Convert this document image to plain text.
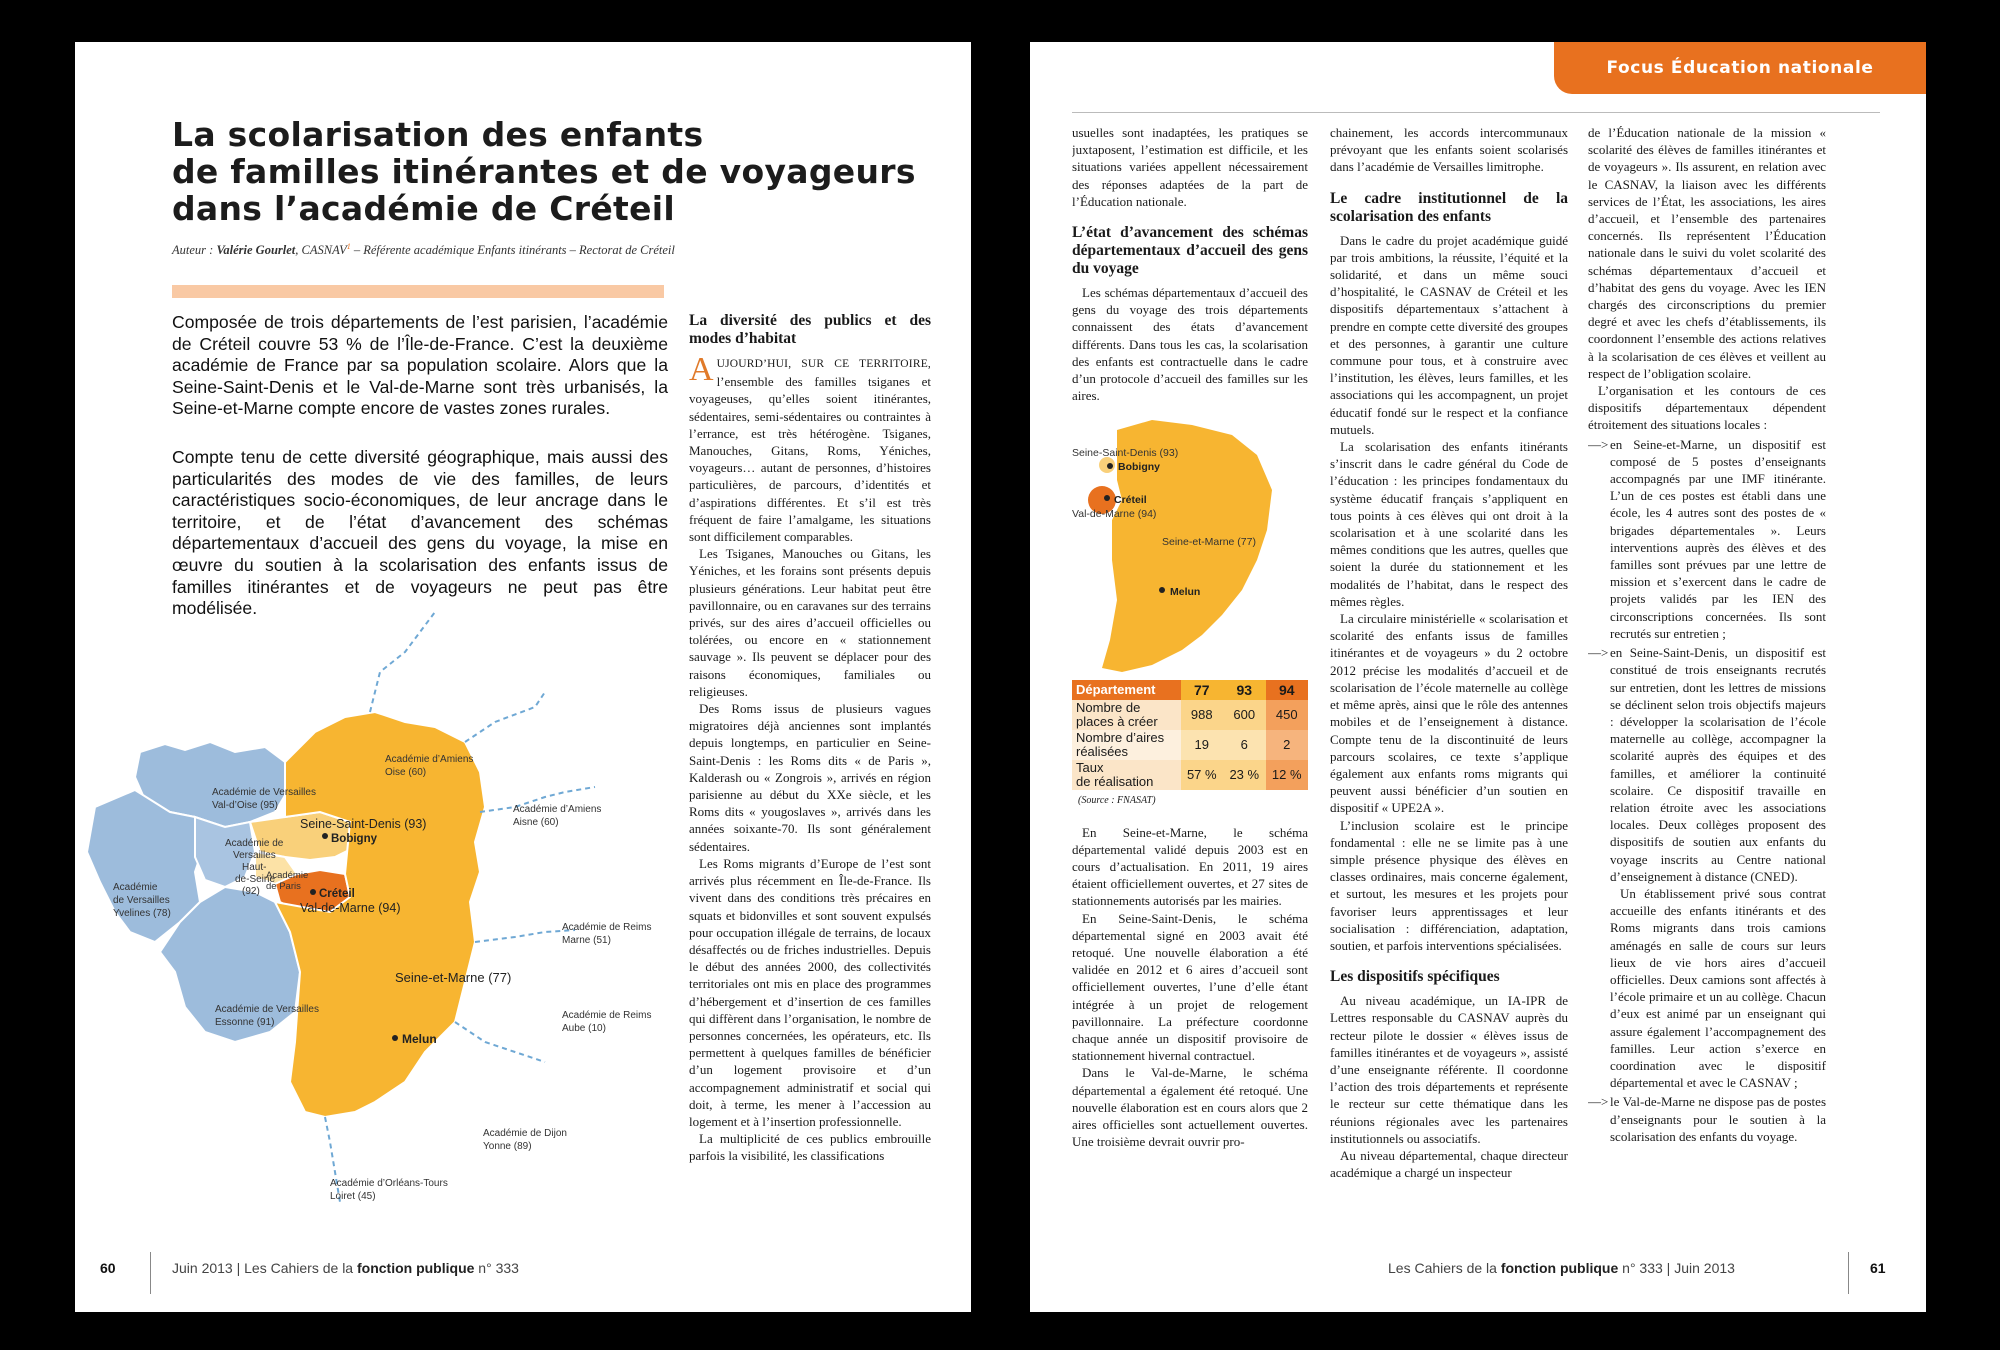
La scolarisation des enfants
de familles itinérantes et de voyageurs
dans l’académie de Créteil
Auteur : Valérie Gourlet, CASNAV$^1$ – Référente académique Enfants itinérants – Rectorat de Créteil

Composée de trois départements de l’est parisien, l’académie de Créteil couvre 53 % de l’Île-de-France. C’est la deuxième académie de France par sa population scolaire. Alors que la Seine-Saint-Denis et le Val-de-Marne sont très urbanisés, la Seine-et-Marne compte encore de vastes zones rurales.

Compte tenu de cette diversité géographique, mais aussi des particularités des modes de vie des familles, de leurs caractéristiques socio-économiques, de leur ancrage dans le territoire, et de l’état d’avancement des schémas départementaux d’accueil des gens du voyage, la mise en œuvre du soutien à la scolarisation des enfants issus de familles itinérantes et de voyageurs ne peut pas être modélisée.

Académie d’Amiens Oise (60)
Académie de Versailles Val-d’Oise (95)	Académie d’Amiens Aisne (60)
Académie de Versailles Haut-de-Seine (92)
Académie de Paris
Académie de Versailles Yvelines (78)
Académie de Reims Marne (51)
Académie de Versailles Essonne (91)
Académie de Reims Aube (10)
Académie de Dijon Yonne (89)
Académie d’Orléans-Tours Loiret (45)
Seine-Saint-Denis (93)
Bobigny
Créteil
Val-de-Marne (94)
Seine-et-Marne (77)
Melun
La diversité des publics et des modes d’habitat

AUJOURD’HUI, SUR CE TERRITOIRE, l’ensemble des familles tsiganes et voyageuses, qu’elles soient itinérantes, sédentaires, semi-sédentaires ou contraintes à l’errance, est très hétérogène. Tsiganes, Manouches, Gitans, Roms, Yéniches, voyageurs… autant de personnes, d’histoires particulières, de parcours, d’identités et d’aspirations différentes. Et s’il est très fréquent de faire l’amalgame, les situations sont difficilement comparables.

Les Tsiganes, Manouches ou Gitans, les Yéniches, et les forains sont présents depuis plusieurs générations. Leur habitat peut être pavillonnaire, ou en caravanes sur des terrains privés, sur des aires d’accueil officielles ou tolérées, ou encore en « stationnement sauvage ». Ils peuvent se déplacer pour des raisons économiques, familiales ou religieuses.

Des Roms issus de plusieurs vagues migratoires déjà anciennes sont implantés depuis longtemps, en particulier en Seine-Saint-Denis : les Roms dits « de Paris », Kalderash ou « Zongrois », arrivés en région parisienne au début du XXe siècle, et les Roms dits « yougoslaves », arrivés dans les années soixante-70. Ils sont généralement sédentaires.

Les Roms migrants d’Europe de l’est sont arrivés plus récemment en Île-de-France. Ils vivent dans des conditions très précaires en squats et bidonvilles et sont souvent expulsés pour occupation illégale de terrains, de locaux désaffectés ou de friches industrielles. Depuis le début des années 2000, des collectivités territoriales ont mis en place des programmes d’hébergement et d’insertion de ces familles qui diffèrent dans l’organisation, le nombre de personnes concernées, les opérateurs, etc. Ils permettent à quelques familles de bénéficier d’un logement provisoire et d’un accompagnement administratif et social qui doit, à terme, les mener à l’accession au logement et à l’insertion professionnelle.

La multiplicité de ces publics embrouille parfois la visibilité, les classifications

60	Juin 2013 | Les Cahiers de la fonction publique n° 333
Focus Éducation nationale

usuelles sont inadaptées, les pratiques se juxtaposent, l’estimation est difficile, et les situations variées appellent nécessairement des réponses adaptées de la part de l’Éducation nationale.

L’état d’avancement des schémas départementaux d’accueil des gens du voyage

Les schémas départementaux d’accueil des gens du voyage des trois départements connaissent des états d’avancement différents. Dans tous les cas, la scolarisation des enfants est contractuelle dans le cadre d’un protocole d’accueil des familles sur les aires.

Seine-Saint-Denis (93)
Bobigny
Créteil
Val-de-Marne (94)
Seine-et-Marne (77)
Melun
Département	77	93	94
Nombre de
places à créer	988	600	450
Nombre d’aires
réalisées	19	6	2
Taux
de réalisation	57 %	23 %	12 %
(Source : FNASAT)

En Seine-et-Marne, le schéma départemental validé depuis 2003 est en cours d’actualisation. En 2011, 19 aires étaient officiellement ouvertes, et 27 sites de stationnements autorisés par les mairies.

En Seine-Saint-Denis, le schéma départemental signé en 2003 avait été retoqué. Une nouvelle élaboration a été validée en 2012 et 6 aires d’accueil sont officiellement ouvertes, l’une d’elle étant intégrée à un projet de relogement pavillonnaire. La préfecture coordonne chaque année un dispositif provisoire de stationnement hivernal contractuel.

Dans le Val-de-Marne, le schéma départemental a également été retoqué. Une nouvelle élaboration est en cours alors que 2 aires officielles sont actuellement ouvertes. Une troisième devrait ouvrir pro-

chainement, les accords intercommunaux prévoyant que les enfants soient scolarisés dans l’académie de Versailles limitrophe.

Le cadre institutionnel de la scolarisation des enfants

Dans le cadre du projet académique guidé par trois ambitions, la réussite, l’équité et la solidarité, et dans un même souci d’hospitalité, le CASNAV de Créteil et les dispositifs départementaux s’attachent à prendre en compte cette diversité des groupes et des personnes, à garantir une culture commune pour tous, et à construire avec l’institution, les élèves, leurs familles, et les associations qui les accompagnent, un projet éducatif fondé sur le respect et la confiance mutuels.

La scolarisation des enfants itinérants s’inscrit dans le cadre général du Code de l’éducation : les principes fondamentaux du système éducatif français s’appliquent en tous points à ces élèves qui ont droit à la scolarisation et à une scolarité dans les mêmes conditions que les autres, quelles que soient la durée du stationnement et les modalités de l’habitat, dans le respect des mêmes règles.

La circulaire ministérielle « scolarisation et scolarité des enfants issus de familles itinérantes et de voyageurs » du 2 octobre 2012 précise les modalités d’accueil et de scolarisation de l’école maternelle au collège et même après, ainsi que le rôle des antennes mobiles et de l’enseignement à distance. Compte tenu de la discontinuité de leurs parcours scolaires, ce texte s’applique également aux enfants roms migrants qui peuvent aussi bénéficier d’un soutien en dispositif « UPE2A ».

L’inclusion scolaire est le principe fondamental : elle ne se limite pas à une simple présence physique des élèves en classes ordinaires, mais concerne également, et surtout, les mesures et les projets pour favoriser leurs apprentissages et leur socialisation : différenciation, adaptation, soutien, et parfois interventions spécialisées.

Les dispositifs spécifiques

Au niveau académique, un IA-IPR de Lettres responsable du CASNAV auprès du recteur pilote le dossier « élèves issus de familles itinérantes et de voyageurs », assisté d’une enseignante référente. Il coordonne l’action des trois départements et représente le recteur sur cette thématique dans les réunions régionales avec les partenaires institutionnels ou associatifs.

Au niveau départemental, chaque directeur académique a chargé un inspecteur

de l’Éducation nationale de la mission « scolarité des élèves de familles itinérantes et de voyageurs ». Ils assurent, en relation avec le CASNAV, la liaison avec les différents services de l’État, les associations, les aires d’accueil, et l’ensemble des partenaires concernés. Ils représentent l’Éducation nationale dans le suivi du volet scolarité des schémas départementaux d’accueil et d’habitat des gens du voyage. Avec les IEN chargés des circonscriptions du premier degré et avec les chefs d’établissements, ils coordonnent l’ensemble des actions relatives à la scolarisation de ces élèves et veillent au respect de l’obligation scolaire.

L’organisation et les contours de ces dispositifs départementaux dépendent étroitement des situations locales :

—> en Seine-et-Marne, un dispositif est composé de 5 postes d’enseignants accompagnés par une IMF itinérante. L’un de ces postes est établi dans une école, les 4 autres sont des postes de « brigades départementales ». Leurs interventions auprès des élèves et des familles sont prévues par une lettre de mission et s’exercent dans le cadre de projets validés par les IEN des circonscriptions concernées. Ils sont recrutés sur entretien ;
—> en Seine-Saint-Denis, un dispositif est constitué de trois enseignants recrutés sur entretien, dont les lettres de missions se déclinent selon trois objectifs majeurs : développer la scolarisation de l’école maternelle au collège, accompagner la scolarité auprès des équipes et des familles, et améliorer la continuité scolaire. Ce dispositif travaille en relation étroite avec les associations locales. Deux collèges proposent des dispositifs de soutien aux enfants du voyage inscrits au Centre national d’enseignement à distance (CNED).
Un établissement privé sous contrat accueille des enfants itinérants et des Roms migrants dans trois camions aménagés en salle de cours sur leurs lieux de vie hors aires d’accueil officielles. Deux camions sont affectés à l’école primaire et un au collège. Chacun d’eux est animé par un enseignant qui assure également l’accompagnement des familles. Leur action s’exerce en coordination avec le dispositif départemental et avec le CASNAV ;
—> le Val-de-Marne ne dispose pas de postes d’enseignants pour le soutien à la scolarisation des enfants du voyage.
Les Cahiers de la fonction publique n° 333 | Juin 2013	61
